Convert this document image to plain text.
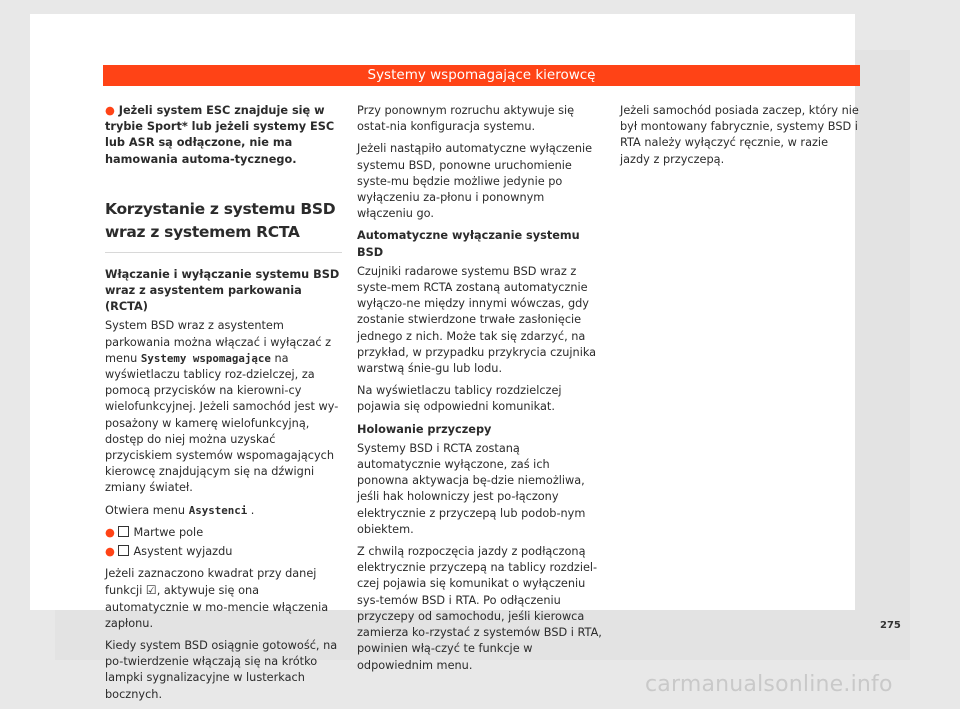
Systemy wspomagające kierowcę

● Jeżeli system ESC znajduje się w trybie Sport* lub jeżeli systemy ESC lub ASR są odłączone, nie ma hamowania automa-tycznego.

Korzystanie z systemu BSD wraz z systemem RCTA

Włączanie i wyłączanie systemu BSD wraz z asystentem parkowania (RCTA)

System BSD wraz z asystentem parkowania można włączać i wyłączać z menu Systemy wspomagające na wyświetlaczu tablicy roz-dzielczej, za pomocą przycisków na kierowni-cy wielofunkcyjnej. Jeżeli samochód jest wy-posażony w kamerę wielofunkcyjną, dostęp do niej można uzyskać przyciskiem systemów wspomagających kierowcę znajdującym się na dźwigni zmiany świateł.

Otwiera menu Asystenci .

● Martwe pole

● Asystent wyjazdu

Jeżeli zaznaczono kwadrat przy danej funkcji ☑, aktywuje się ona automatycznie w mo-mencie włączenia zapłonu.

Kiedy system BSD osiągnie gotowość, na po-twierdzenie włączają się na krótko lampki sygnalizacyjne w lusterkach bocznych.

Przy ponownym rozruchu aktywuje się ostat-nia konfiguracja systemu.

Jeżeli nastąpiło automatyczne wyłączenie systemu BSD, ponowne uruchomienie syste-mu będzie możliwe jedynie po wyłączeniu za-płonu i ponownym włączeniu go.

Automatyczne wyłączanie systemu BSD

Czujniki radarowe systemu BSD wraz z syste-mem RCTA zostaną automatycznie wyłączo-ne między innymi wówczas, gdy zostanie stwierdzone trwałe zasłonięcie jednego z nich. Może tak się zdarzyć, na przykład, w przypadku przykrycia czujnika warstwą śnie-gu lub lodu.

Na wyświetlaczu tablicy rozdzielczej pojawia się odpowiedni komunikat.

Holowanie przyczepy

Systemy BSD i RCTA zostaną automatycznie wyłączone, zaś ich ponowna aktywacja bę-dzie niemożliwa, jeśli hak holowniczy jest po-łączony elektrycznie z przyczepą lub podob-nym obiektem.

Z chwilą rozpoczęcia jazdy z podłączoną elektrycznie przyczepą na tablicy rozdziel-czej pojawia się komunikat o wyłączeniu sys-temów BSD i RTA. Po odłączeniu przyczepy od samochodu, jeśli kierowca zamierza ko-rzystać z systemów BSD i RTA, powinien włą-czyć te funkcje w odpowiednim menu.

Jeżeli samochód posiada zaczep, który nie był montowany fabrycznie, systemy BSD i RTA należy wyłączyć ręcznie, w razie jazdy z przyczepą.

275
carmanualsonline.info
